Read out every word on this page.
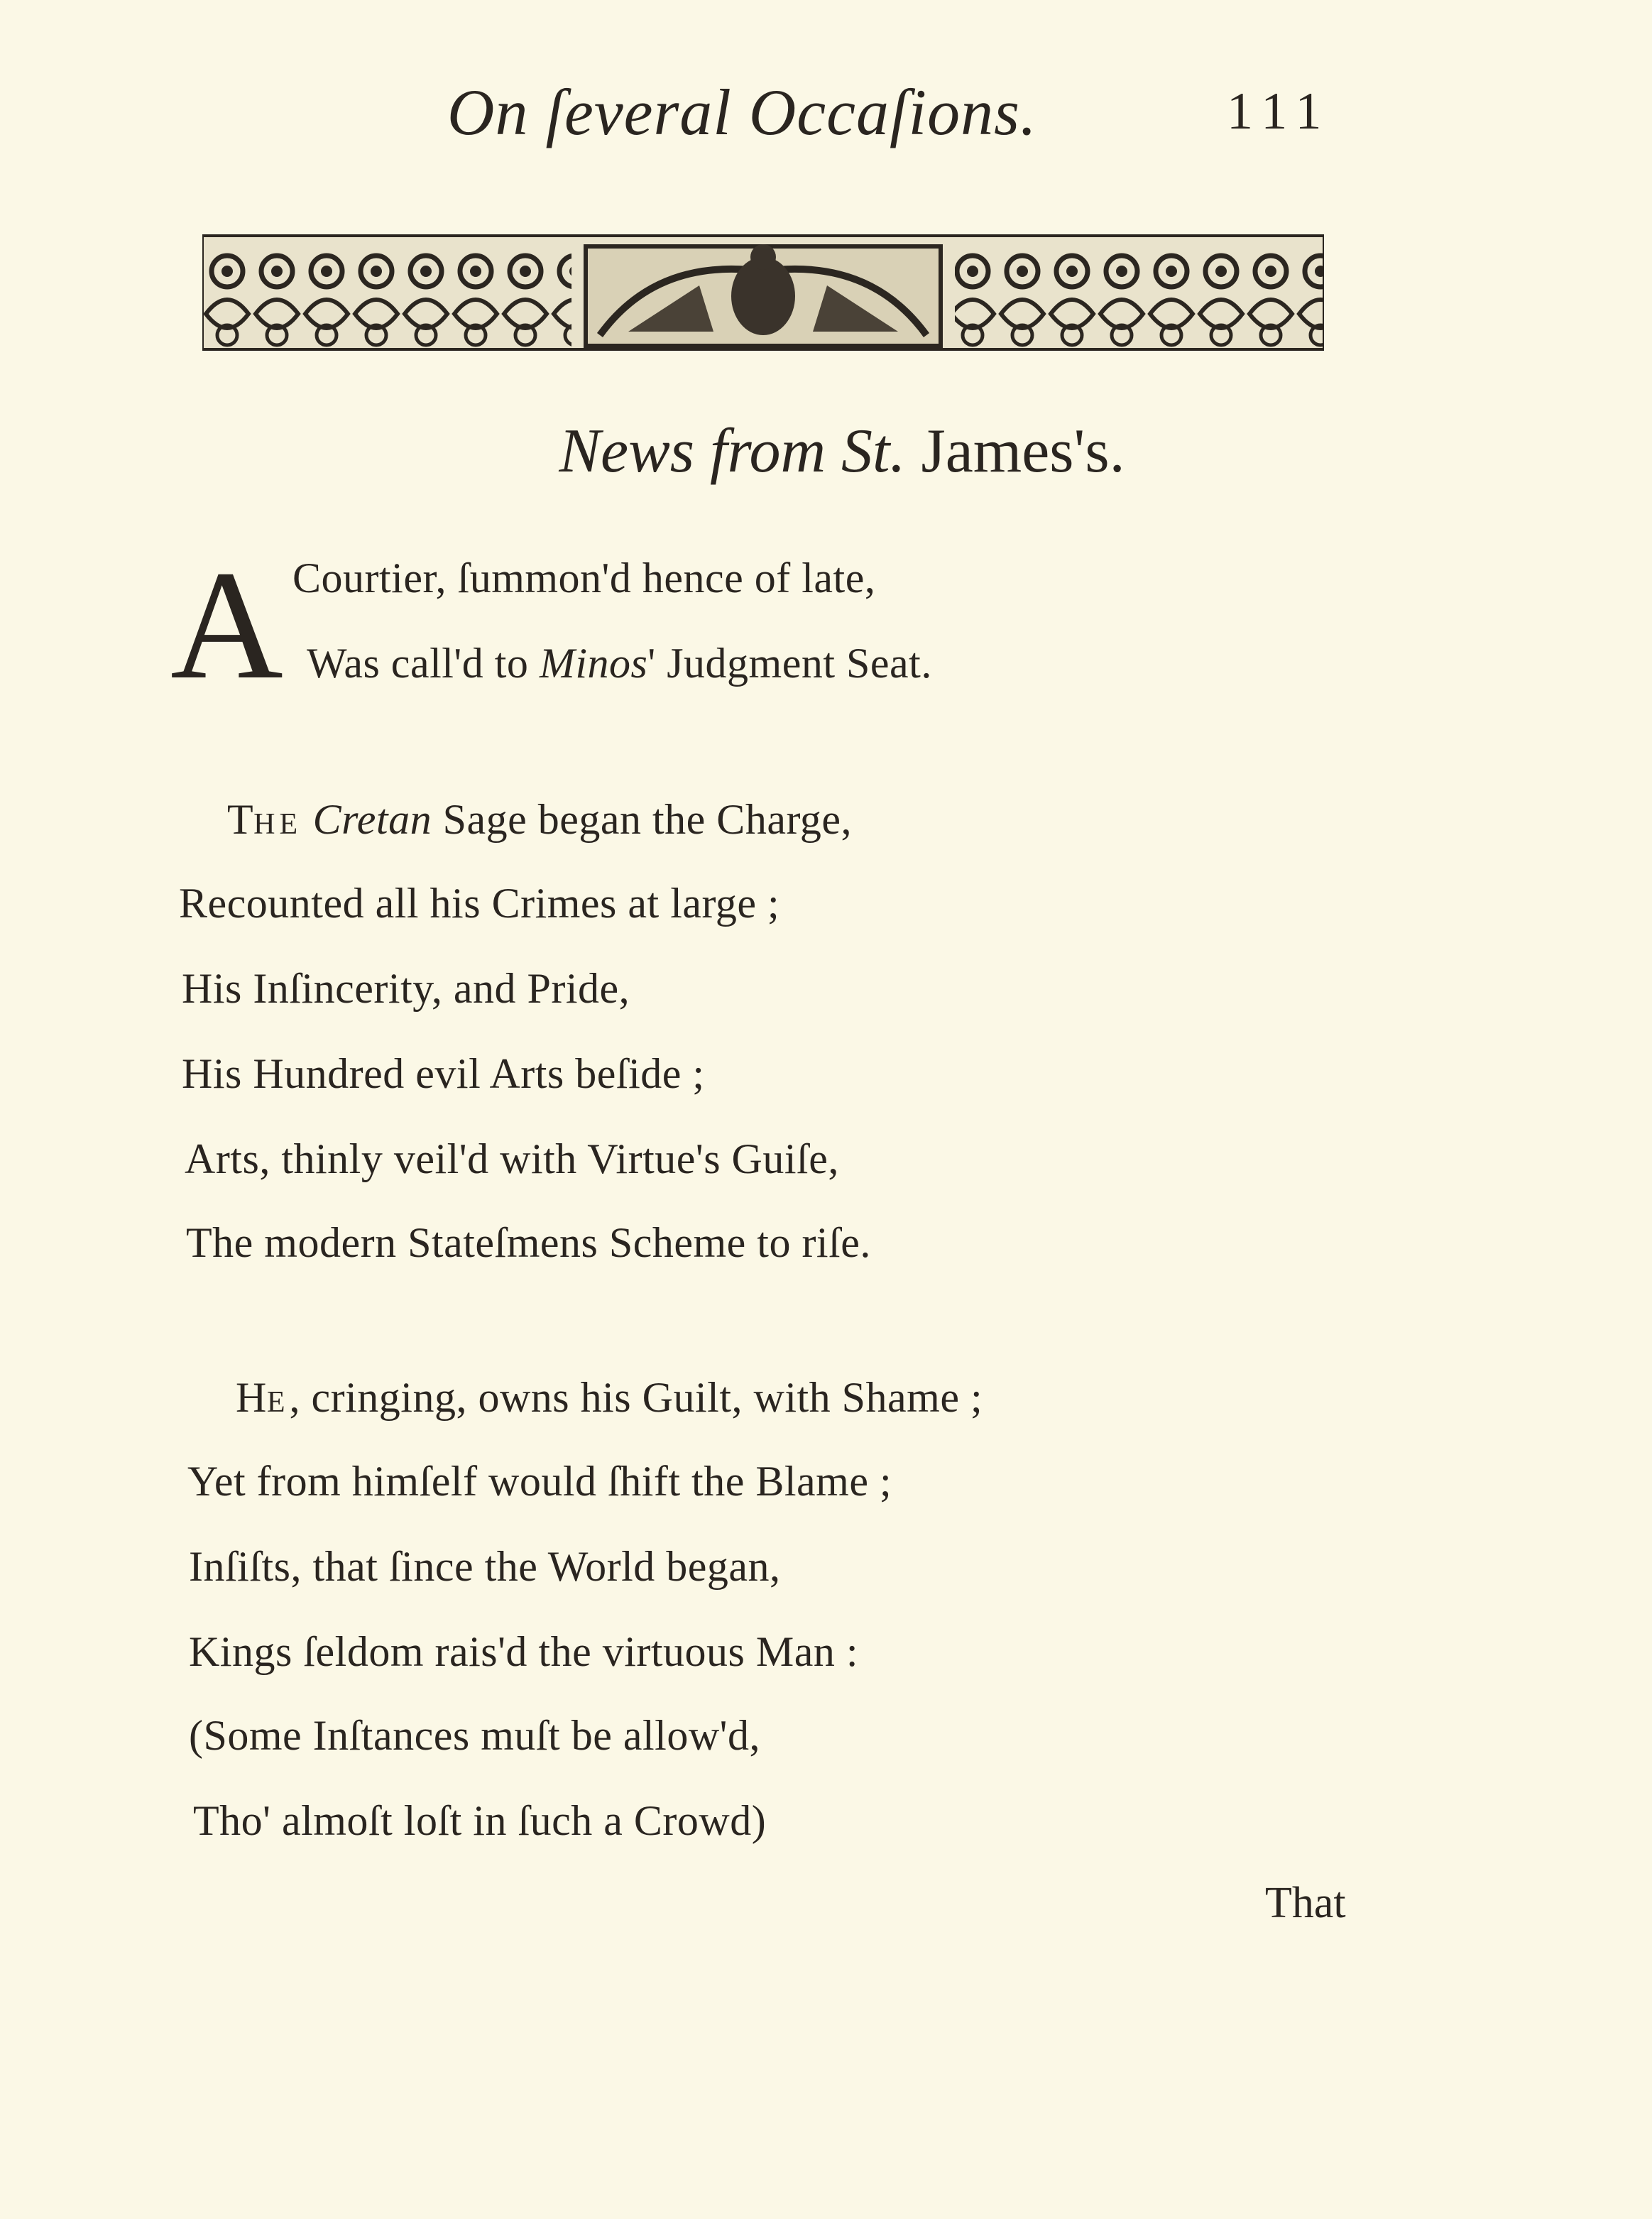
On ſeveral Occaſions.	111
News from St. James's.
A Courtier, ſummon'd hence of late,
Was call'd to Minos' Judgment Seat.
THE Cretan Sage began the Charge,
Recounted all his Crimes at large ;
His Inſincerity, and Pride,
His Hundred evil Arts beſide ;
Arts, thinly veil'd with Virtue's Guiſe,
The modern Stateſmens Scheme to riſe.
HE, cringing, owns his Guilt, with Shame ;
Yet from himſelf would ſhift the Blame ;
Inſiſts, that ſince the World began,
Kings ſeldom rais'd the virtuous Man :
(Some Inſtances muſt be allow'd,
Tho' almoſt loſt in ſuch a Crowd)
That
